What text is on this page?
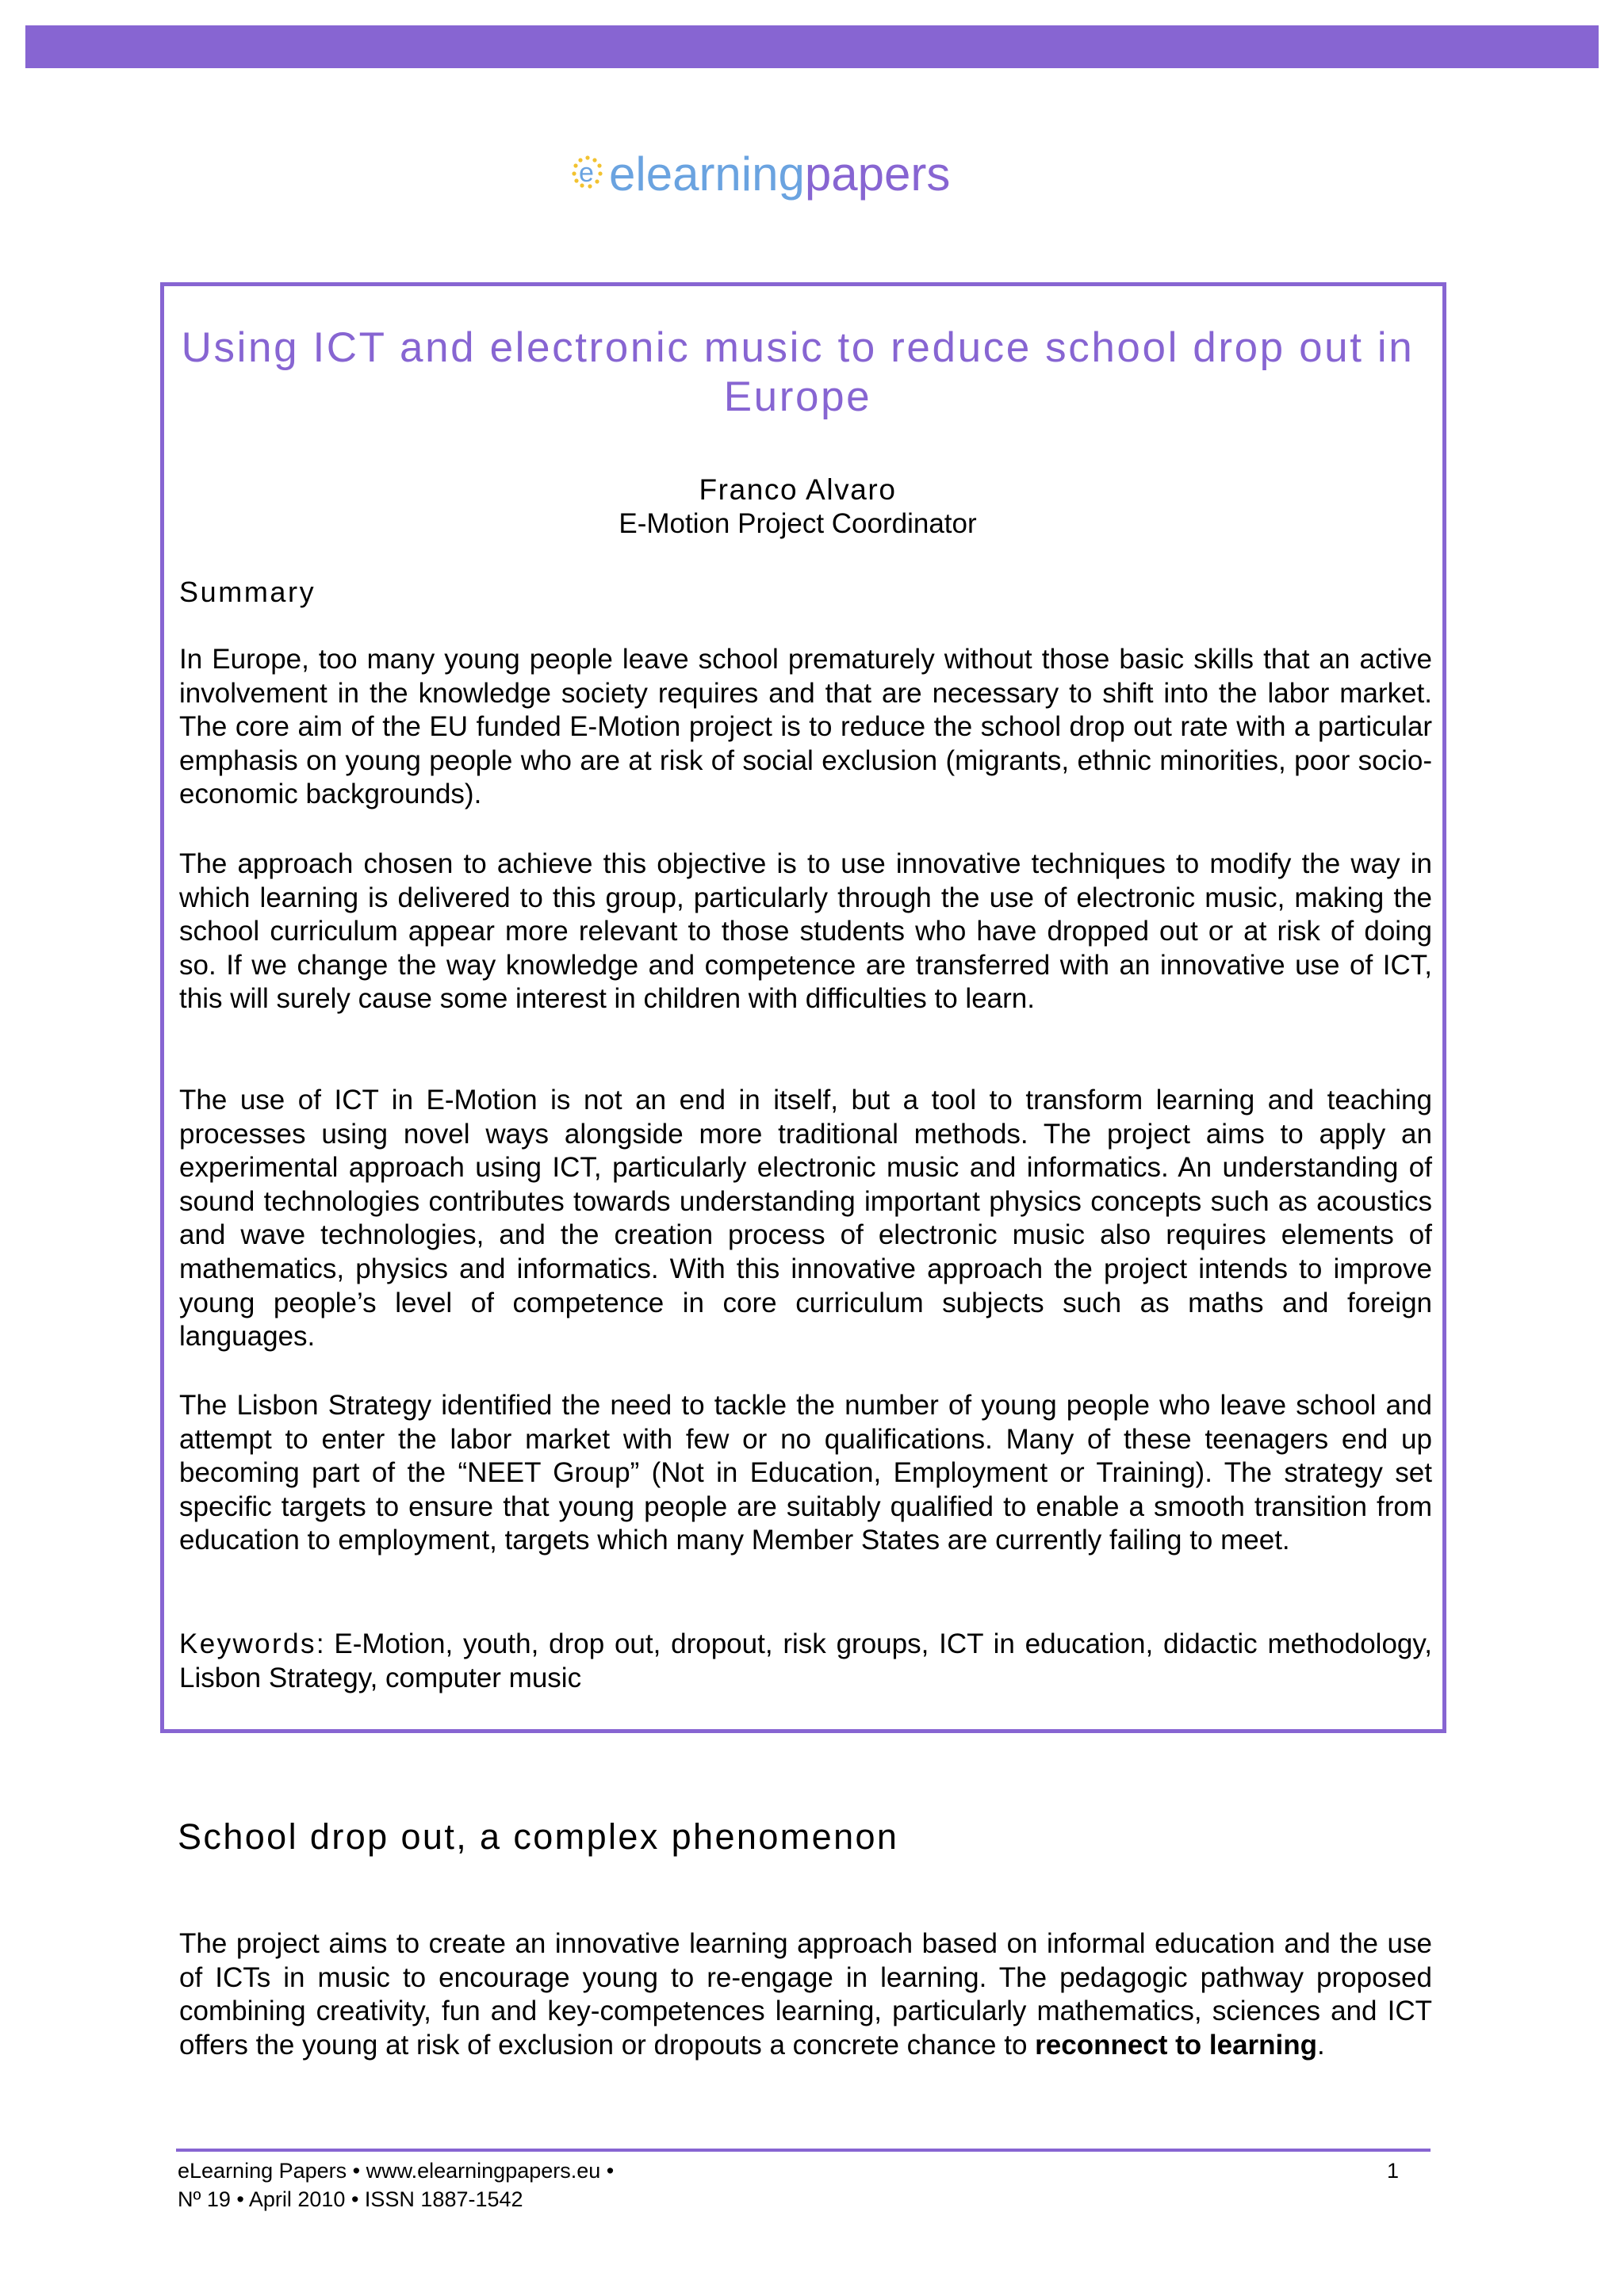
e elearning papers
Using ICT and electronic music to reduce school drop out in Europe
Franco Alvaro
E-Motion Project Coordinator
Summary

In Europe, too many young people leave school prematurely without those basic skills that an active involvement in the knowledge society requires and that are necessary to shift into the labor market. The core aim of the EU funded E-Motion project is to reduce the school drop out rate with a particular emphasis on young people who are at risk of social exclusion (migrants, ethnic minorities, poor socio-economic backgrounds).

The approach chosen to achieve this objective is to use innovative techniques to modify the way in which learning is delivered to this group, particularly through the use of electronic music, making the school curriculum appear more relevant to those students who have dropped out or at risk of doing so. If we change the way knowledge and competence are transferred with an innovative use of ICT, this will surely cause some interest in children with difficulties to learn.

The use of ICT in E-Motion is not an end in itself, but a tool to transform learning and teaching processes using novel ways alongside more traditional methods. The project aims to apply an experimental approach using ICT, particularly electronic music and informatics. An understanding of sound technologies contributes towards understanding important physics concepts such as acoustics and wave technologies, and the creation process of electronic music also requires elements of mathematics, physics and informatics. With this innovative approach the project intends to improve young people’s level of competence in core curriculum subjects such as maths and foreign languages.

The Lisbon Strategy identified the need to tackle the number of young people who leave school and attempt to enter the labor market with few or no qualifications. Many of these teenagers end up becoming part of the “NEET Group” (Not in Education, Employment or Training). The strategy set specific targets to ensure that young people are suitably qualified to enable a smooth transition from education to employment, targets which many Member States are currently failing to meet.

Keywords: E-Motion, youth, drop out, dropout, risk groups, ICT in education, didactic methodology, Lisbon Strategy, computer music

School drop out, a complex phenomenon

The project aims to create an innovative learning approach based on informal education and the use of ICTs in music to encourage young to re-engage in learning. The pedagogic pathway proposed combining creativity, fun and key-competences learning, particularly mathematics, sciences and ICT offers the young at risk of exclusion or dropouts a concrete chance to reconnect to learning.

eLearning Papers • www.elearningpapers.eu •
Nº 19 • April 2010 • ISSN 1887-1542
1
